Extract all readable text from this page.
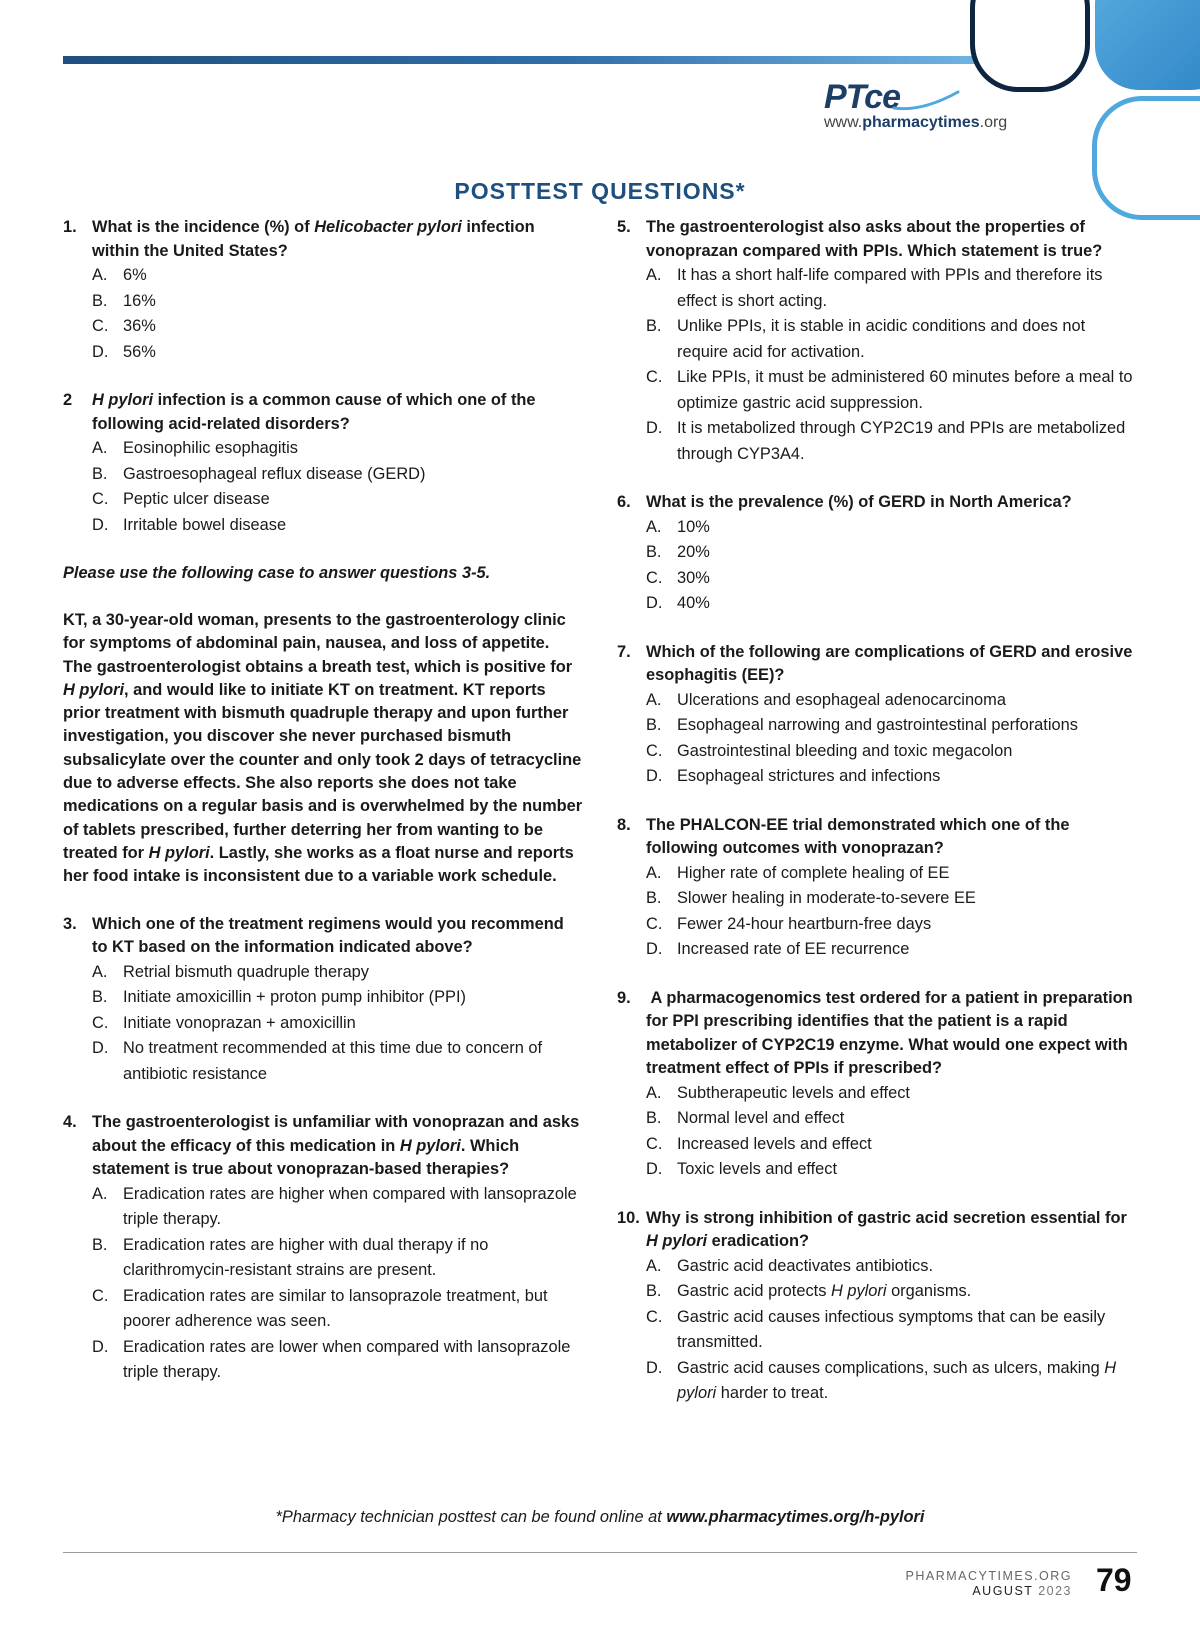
PTce
www.pharmacytimes.org
POSTTEST QUESTIONS*
1. What is the incidence (%) of Helicobacter pylori infection within the United States?
A. 6%
B. 16%
C. 36%
D. 56%
2	H pylori infection is a common cause of which one of the following acid-related disorders?
A. Eosinophilic esophagitis
B. Gastroesophageal reflux disease (GERD)
C. Peptic ulcer disease
D. Irritable bowel disease
Please use the following case to answer questions 3-5.
KT, a 30-year-old woman, presents to the gastroenterology clinic for symptoms of abdominal pain, nausea, and loss of appetite. The gastroenterologist obtains a breath test, which is positive for H pylori, and would like to initiate KT on treatment. KT reports prior treatment with bismuth quadruple therapy and upon further investigation, you discover she never purchased bismuth subsalicylate over the counter and only took 2 days of tetracycline due to adverse effects. She also reports she does not take medications on a regular basis and is overwhelmed by the number of tablets prescribed, further deterring her from wanting to be treated for H pylori. Lastly, she works as a float nurse and reports her food intake is inconsistent due to a variable work schedule.
3. Which one of the treatment regimens would you recommend to KT based on the information indicated above?
A. Retrial bismuth quadruple therapy
B. Initiate amoxicillin + proton pump inhibitor (PPI)
C. Initiate vonoprazan + amoxicillin
D. No treatment recommended at this time due to concern of antibiotic resistance
4. The gastroenterologist is unfamiliar with vonoprazan and asks about the efficacy of this medication in H pylori. Which statement is true about vonoprazan-based therapies?
A. Eradication rates are higher when compared with lansoprazole triple therapy.
B. Eradication rates are higher with dual therapy if no clarithromycin-resistant strains are present.
C. Eradication rates are similar to lansoprazole treatment, but poorer adherence was seen.
D. Eradication rates are lower when compared with lansoprazole triple therapy.
5. The gastroenterologist also asks about the properties of vonoprazan compared with PPIs. Which statement is true?
A. It has a short half-life compared with PPIs and therefore its effect is short acting.
B. Unlike PPIs, it is stable in acidic conditions and does not require acid for activation.
C. Like PPIs, it must be administered 60 minutes before a meal to optimize gastric acid suppression.
D. It is metabolized through CYP2C19 and PPIs are metabolized through CYP3A4.
6. What is the prevalence (%) of GERD in North America?
A. 10%
B. 20%
C. 30%
D. 40%
7. Which of the following are complications of GERD and erosive esophagitis (EE)?
A. Ulcerations and esophageal adenocarcinoma
B. Esophageal narrowing and gastrointestinal perforations
C. Gastrointestinal bleeding and toxic megacolon
D. Esophageal strictures and infections
8. The PHALCON-EE trial demonstrated which one of the following outcomes with vonoprazan?
A. Higher rate of complete healing of EE
B. Slower healing in moderate-to-severe EE
C. Fewer 24-hour heartburn-free days
D. Increased rate of EE recurrence
9. A pharmacogenomics test ordered for a patient in preparation for PPI prescribing identifies that the patient is a rapid metabolizer of CYP2C19 enzyme. What would one expect with treatment effect of PPIs if prescribed?
A. Subtherapeutic levels and effect
B. Normal level and effect
C. Increased levels and effect
D. Toxic levels and effect
10. Why is strong inhibition of gastric acid secretion essential for H pylori eradication?
A. Gastric acid deactivates antibiotics.
B. Gastric acid protects H pylori organisms.
C. Gastric acid causes infectious symptoms that can be easily transmitted.
D. Gastric acid causes complications, such as ulcers, making H pylori harder to treat.
*Pharmacy technician posttest can be found online at www.pharmacytimes.org/h-pylori
PHARMACYTIMES.ORG
AUGUST 2023 79
